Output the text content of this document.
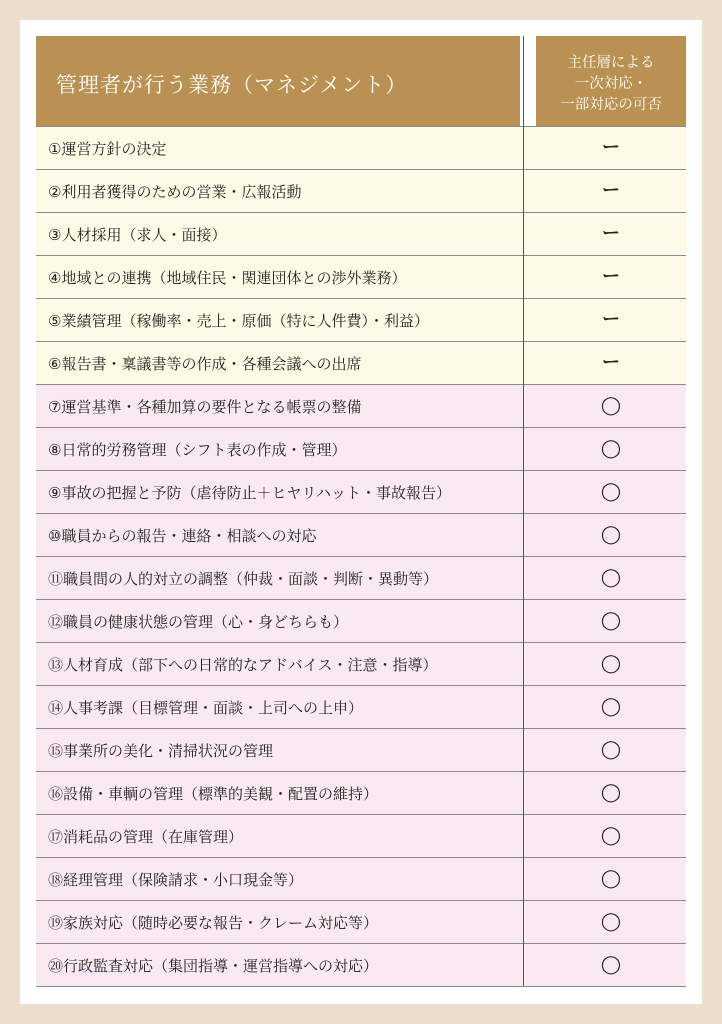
管理者が行う業務（マネジメント）
主任層による
一次対応・
一部対応の可否
①運営方針の決定	ー
②利用者獲得のための営業・広報活動	ー
③人材採用（求人・面接）	ー
④地域との連携（地域住民・関連団体との渉外業務）	ー
⑤業績管理（稼働率・売上・原価（特に人件費）・利益）	ー
⑥報告書・稟議書等の作成・各種会議への出席	ー
⑦運営基準・各種加算の要件となる帳票の整備	◯
⑧日常的労務管理（シフト表の作成・管理）	◯
⑨事故の把握と予防（虐待防止＋ヒヤリハット・事故報告）	◯
⑩職員からの報告・連絡・相談への対応	◯
⑪職員間の人的対立の調整（仲裁・面談・判断・異動等）	◯
⑫職員の健康状態の管理（心・身どちらも）	◯
⑬人材育成（部下への日常的なアドバイス・注意・指導）	◯
⑭人事考課（目標管理・面談・上司への上申）	◯
⑮事業所の美化・清掃状況の管理	◯
⑯設備・車輌の管理（標準的美観・配置の維持）	◯
⑰消耗品の管理（在庫管理）	◯
⑱経理管理（保険請求・小口現金等）	◯
⑲家族対応（随時必要な報告・クレーム対応等）	◯
⑳行政監査対応（集団指導・運営指導への対応）	◯
